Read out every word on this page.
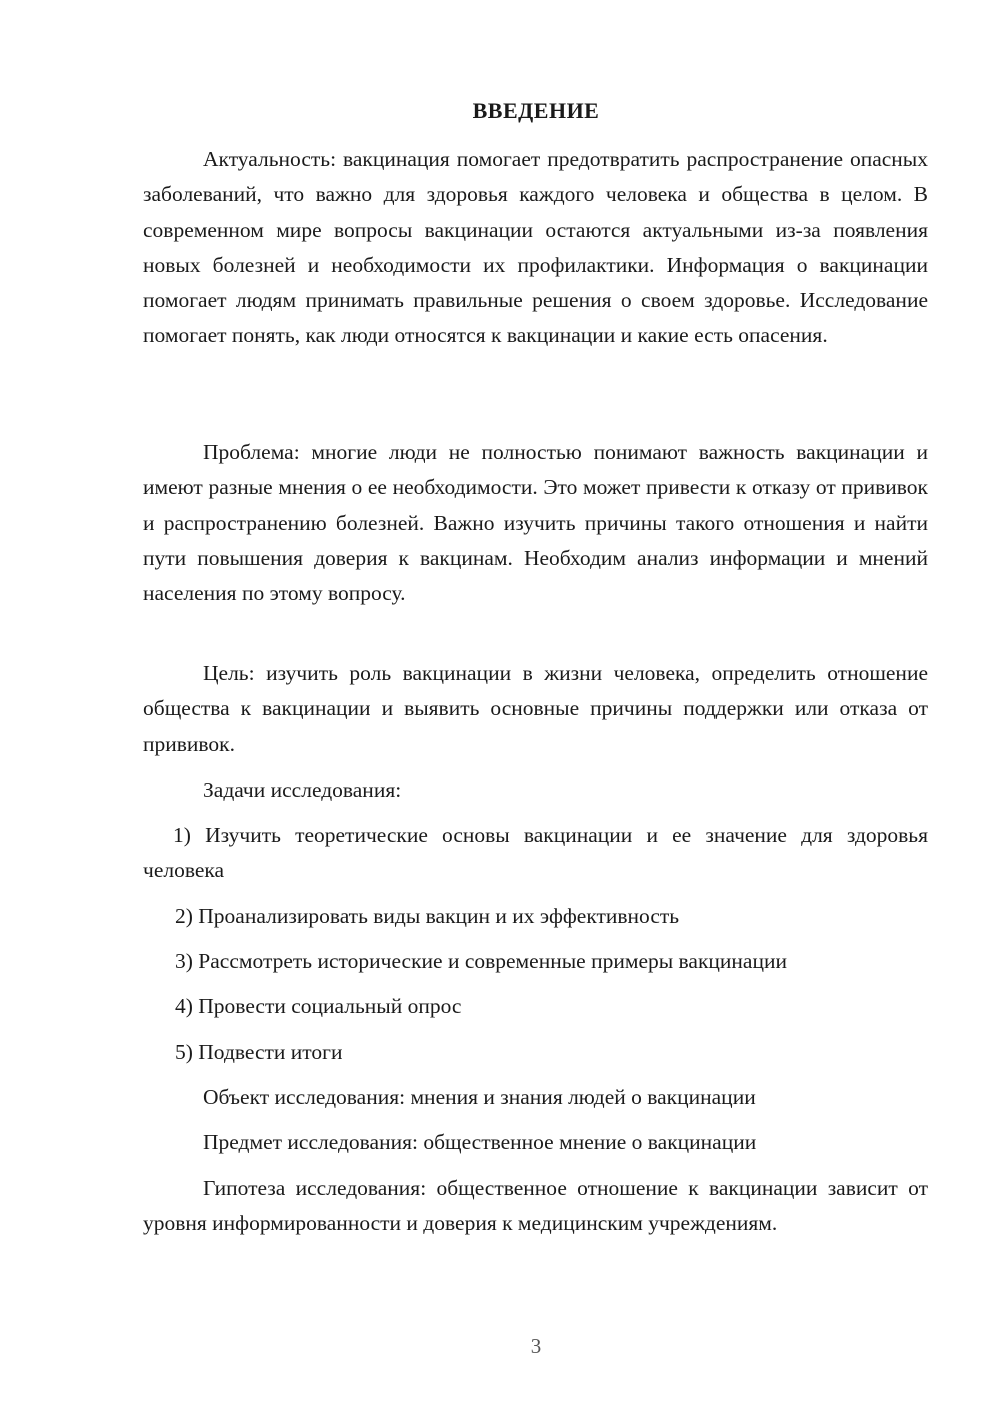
ВВЕДЕНИЕ

Актуальность: вакцинация помогает предотвратить распространение опасных заболеваний, что важно для здоровья каждого человека и общества в целом. В современном мире вопросы вакцинации остаются актуальными из-за появления новых болезней и необходимости их профилактики. Информация о вакцинации помогает людям принимать правильные решения о своем здоровье. Исследование помогает понять, как люди относятся к вакцинации и какие есть опасения.

Проблема: многие люди не полностью понимают важность вакцинации и имеют разные мнения о ее необходимости. Это может привести к отказу от прививок и распространению болезней. Важно изучить причины такого отношения и найти пути повышения доверия к вакцинам. Необходим анализ информации и мнений населения по этому вопросу.

Цель: изучить роль вакцинации в жизни человека, определить отношение общества к вакцинации и выявить основные причины поддержки или отказа от прививок.

Задачи исследования:

1) Изучить теоретические основы вакцинации и ее значение для здоровья человека

2) Проанализировать виды вакцин и их эффективность
3) Рассмотреть исторические и современные примеры вакцинации
4) Провести социальный опрос
5) Подвести итоги
Объект исследования: мнения и знания людей о вакцинации
Предмет исследования: общественное мнение о вакцинации

Гипотеза исследования: общественное отношение к вакцинации зависит от уровня информированности и доверия к медицинским учреждениям.

3
